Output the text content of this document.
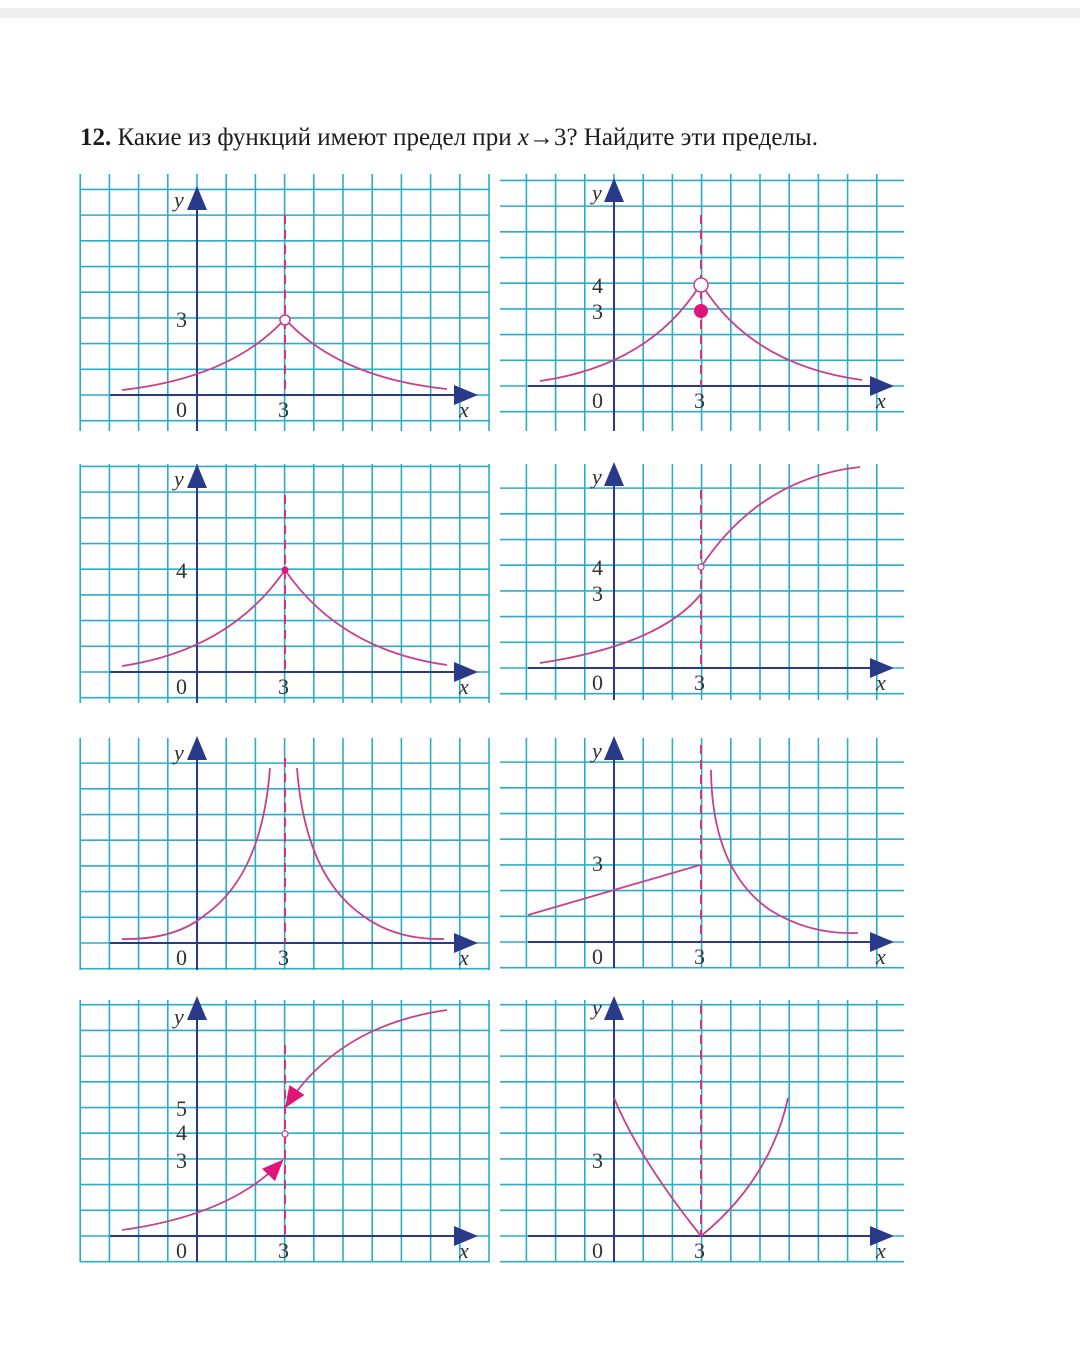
12. Какие из функций имеют предел при x→3? Найдите эти пределы.
y
x
0	3
3
y
x
0	3
4
3
y
x
0	3
4
y
x
0	3
4
3
y
x
0	3
y
x
0	3
3
y
x
0	3
5
4
3
y
x
0	3
3
